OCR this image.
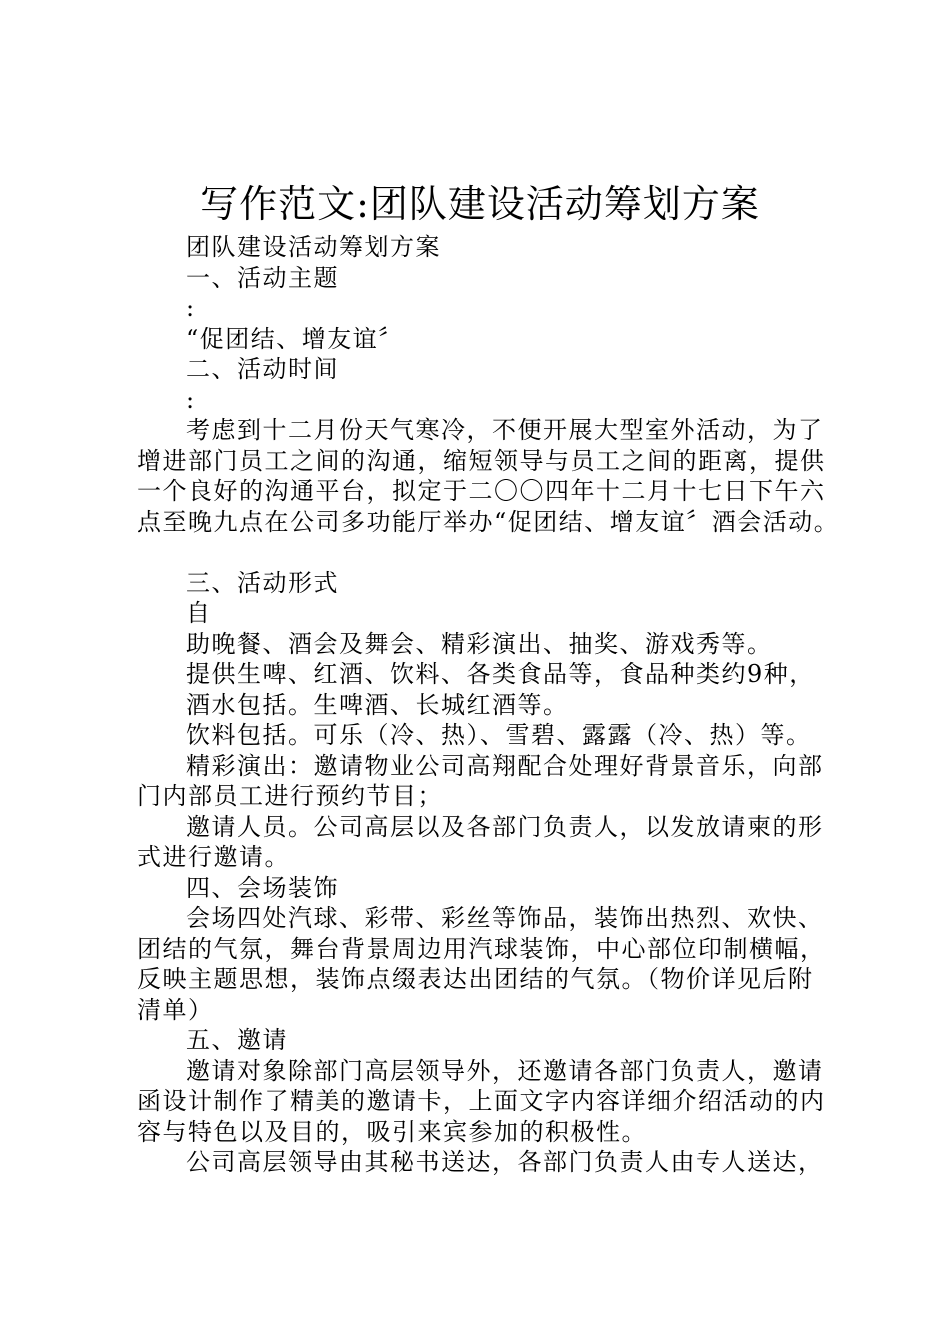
写作范文:团队建设活动筹划方案
团队建设活动筹划方案
一、活动主题
:
“促团结、增友谊〞
二、活动时间
:
考虑到十二月份天气寒冷，不便开展大型室外活动，为了
增进部门员工之间的沟通，缩短领导与员工之间的距离，提供
一个良好的沟通平台，拟定于二〇〇四年十二月十七日下午六
点至晚九点在公司多功能厅举办“促团结、增友谊〞酒会活动。
三、活动形式
自
助晚餐、酒会及舞会、精彩演出、抽奖、游戏秀等。
提供生啤、红酒、饮料、各类食品等，食品种类约9种，
酒水包括。生啤酒、长城红酒等。
饮料包括。可乐（冷、热）、雪碧、露露（冷、热）等。
精彩演出：邀请物业公司高翔配合处理好背景音乐，向部
门内部员工进行预约节目；
邀请人员。公司高层以及各部门负责人，以发放请柬的形
式进行邀请。
四、会场装饰
会场四处汽球、彩带、彩丝等饰品，装饰出热烈、欢快、
团结的气氛，舞台背景周边用汽球装饰，中心部位印制横幅，
反映主题思想，装饰点缀表达出团结的气氛。（物价详见后附
清单）
五、邀请
邀请对象除部门高层领导外，还邀请各部门负责人，邀请
函设计制作了精美的邀请卡，上面文字内容详细介绍活动的内
容与特色以及目的，吸引来宾参加的积极性。
公司高层领导由其秘书送达，各部门负责人由专人送达，
